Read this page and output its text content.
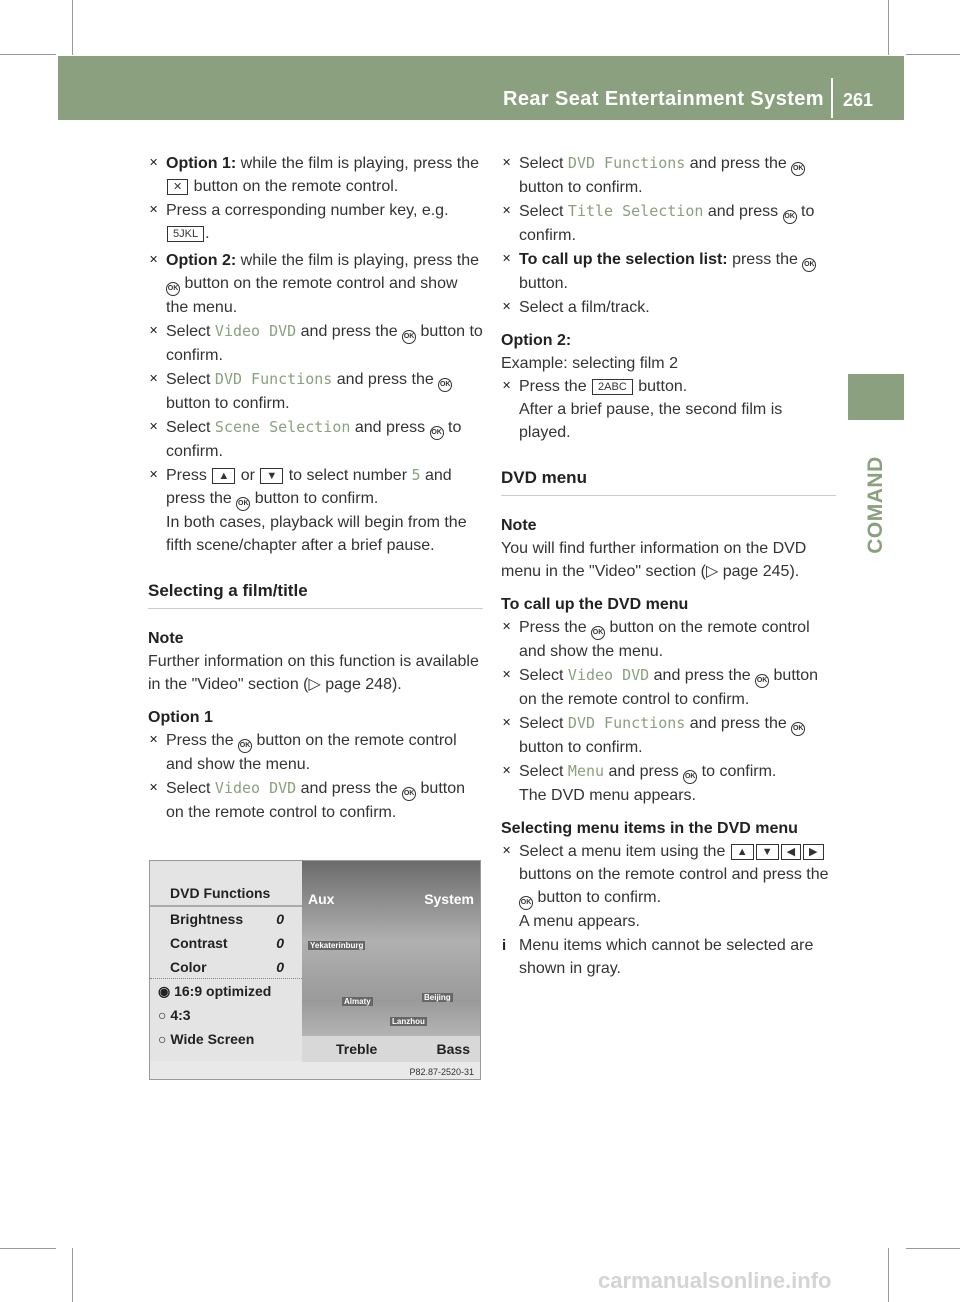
Rear Seat Entertainment System 261
COMAND
✕ Option 1: while the film is playing, press the ✕ button on the remote control.
✕ Press a corresponding number key, e.g. 5JKL .
✕ Option 2: while the film is playing, press the OK button on the remote control and show the menu.
✕ Select Video DVD and press the OK button to confirm.
✕ Select DVD Functions and press the OK button to confirm.
✕ Select Scene Selection and press OK to confirm.
✕ Press ▲ or ▼ to select number 5 and press the OK button to confirm.
In both cases, playback will begin from the fifth scene/chapter after a brief pause.
Selecting a film/title
Note
Further information on this function is available in the "Video" section (▷ page 248).
Option 1
✕ Press the OK button on the remote control and show the menu.
✕ Select Video DVD and press the OK button on the remote control to confirm.
DVD Functions
Brightness 0
Contrast	0
Color	0
◉ 16:9 optimized
○ 4:3
○ Wide Screen
Aux	System
Yekaterinburg
Almaty	Beijing
Lanzhou
Treble	Bass
P82.87-2520-31
✕ Select DVD Functions and press the OK button to confirm.
✕ Select Title Selection and press OK to confirm.
✕ To call up the selection list: press the OK button.
✕ Select a film/track.
Option 2:
Example: selecting film 2
✕ Press the 2ABC button.
After a brief pause, the second film is played.
DVD menu
Note
You will find further information on the DVD menu in the "Video" section (▷ page 245).
To call up the DVD menu
✕ Press the OK button on the remote control and show the menu.
✕ Select Video DVD and press the OK button on the remote control to confirm.
✕ Select DVD Functions and press the OK button to confirm.
✕ Select Menu and press OK to confirm.
The DVD menu appears.
Selecting menu items in the DVD menu
✕ Select a menu item using the ▲ ▼ ◀ ▶ buttons on the remote control and press the OK button to confirm.
A menu appears.
i Menu items which cannot be selected are shown in gray.
carmanualsonline.info
